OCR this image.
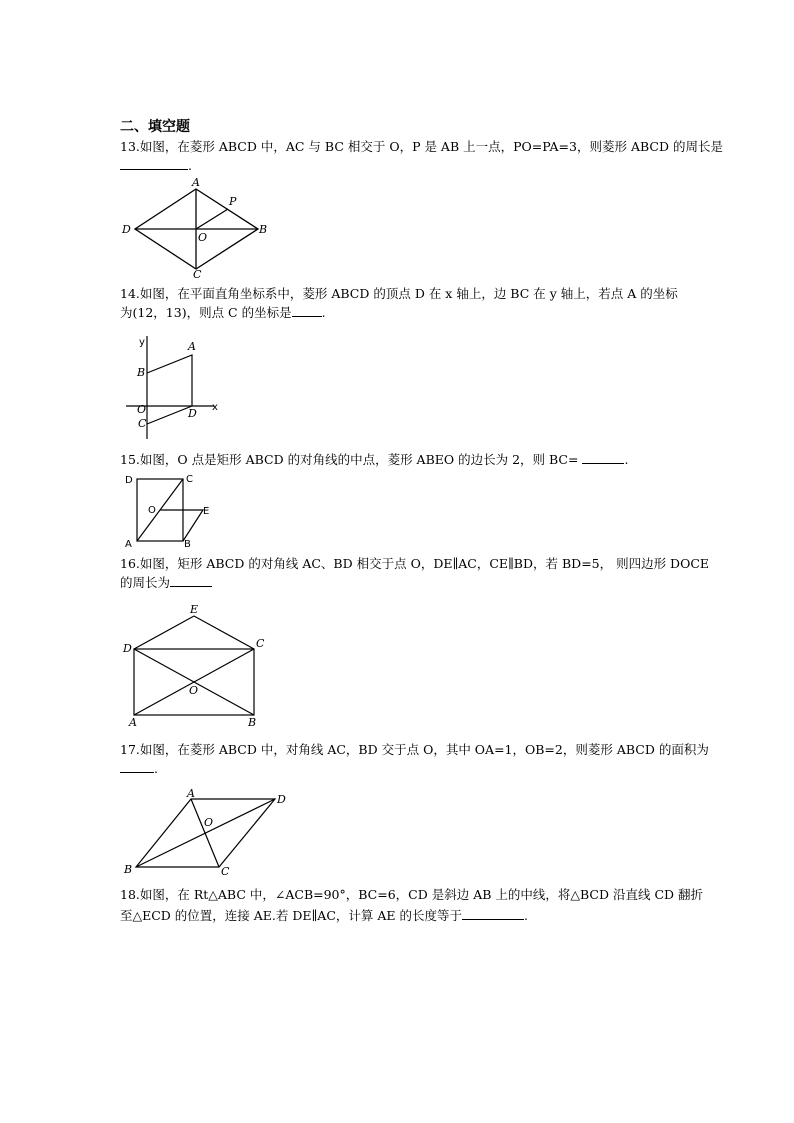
二、填空题
13.如图，在菱形 ABCD 中，AC 与 BC 相交于 O，P 是 AB 上一点，PO=PA=3，则菱形 ABCD 的周长是
.
A
P
D	B
O
C
14.如图，在平面直角坐标系中，菱形 ABCD 的顶点 D 在 x 轴上，边 BC 在 y 轴上，若点 A 的坐标
为(12，13)，则点 C 的坐标是 .
y
x
A
B
O	D
C
15.如图，O 点是矩形 ABCD 的对角线的中点，菱形 ABEO 的边长为 2，则 BC=	.
D	C
O	E
A	B
16.如图，矩形 ABCD 的对角线 AC、BD 相交于点 O，DE∥AC，CE∥BD，若 BD=5， 则四边形 DOCE
的周长为
E
D	C
O
A	B
17.如图，在菱形 ABCD 中，对角线 AC，BD 交于点 O，其中 OA=1，OB=2，则菱形 ABCD 的面积为
.
A	D
O
B	C
18.如图，在 Rt△ABC 中，∠ACB=90°，BC=6，CD 是斜边 AB 上的中线，将△BCD 沿直线 CD 翻折
至△ECD 的位置，连接 AE.若 DE∥AC，计算 AE 的长度等于	.
